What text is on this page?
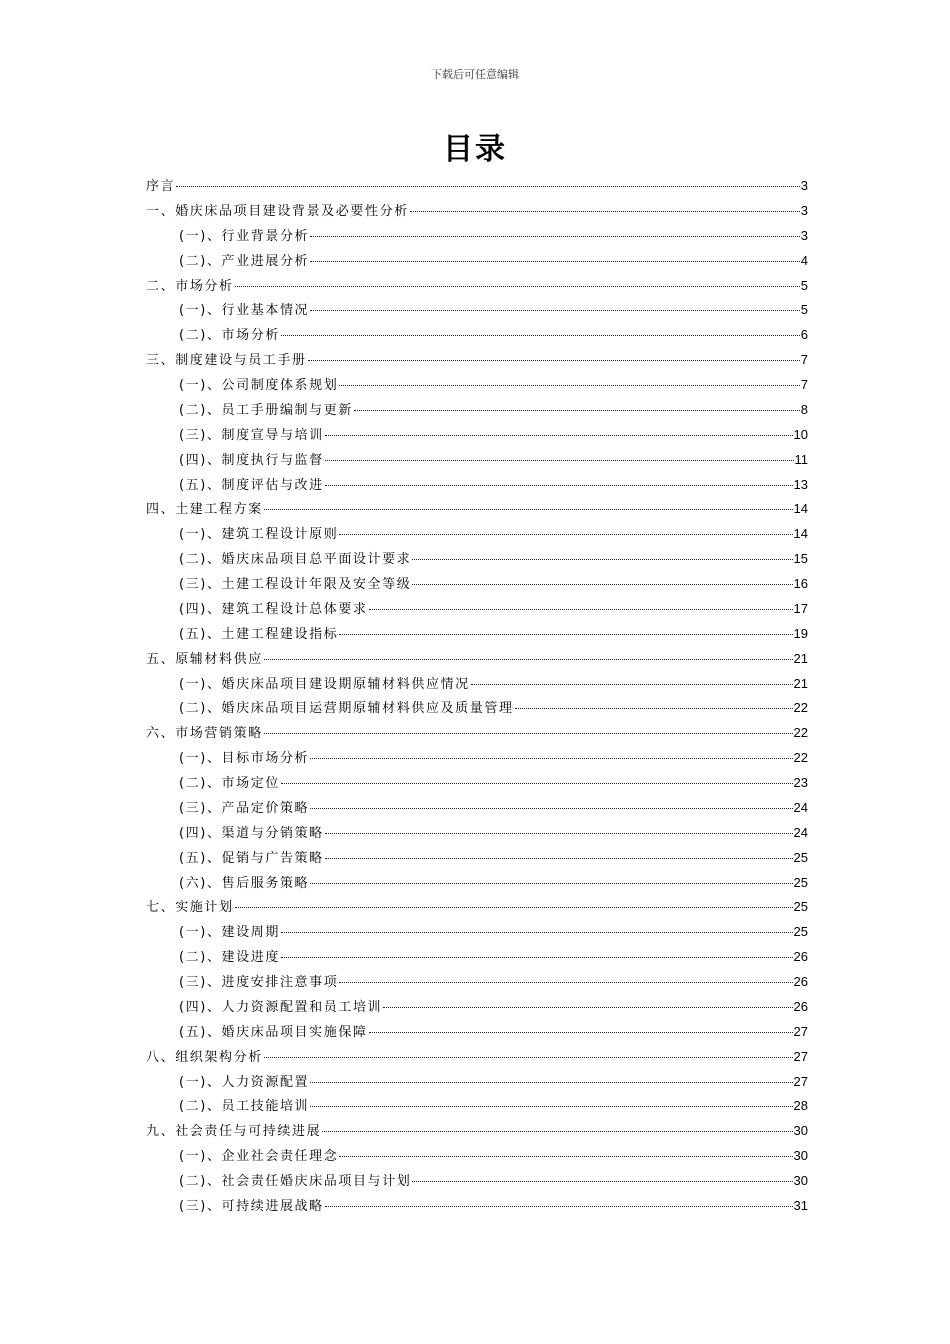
下载后可任意编辑
目录
序言	3
一、婚庆床品项目建设背景及必要性分析	3
(一)、行业背景分析	3
(二)、产业进展分析	4
二、市场分析	5
(一)、行业基本情况	5
(二)、市场分析	6
三、制度建设与员工手册	7
(一)、公司制度体系规划	7
(二)、员工手册编制与更新	8
(三)、制度宣导与培训	10
(四)、制度执行与监督	11
(五)、制度评估与改进	13
四、土建工程方案	14
(一)、建筑工程设计原则	14
(二)、婚庆床品项目总平面设计要求	15
(三)、土建工程设计年限及安全等级	16
(四)、建筑工程设计总体要求	17
(五)、土建工程建设指标	19
五、原辅材料供应	21
(一)、婚庆床品项目建设期原辅材料供应情况	21
(二)、婚庆床品项目运营期原辅材料供应及质量管理	22
六、市场营销策略	22
(一)、目标市场分析	22
(二)、市场定位	23
(三)、产品定价策略	24
(四)、渠道与分销策略	24
(五)、促销与广告策略	25
(六)、售后服务策略	25
七、实施计划	25
(一)、建设周期	25
(二)、建设进度	26
(三)、进度安排注意事项	26
(四)、人力资源配置和员工培训	26
(五)、婚庆床品项目实施保障	27
八、组织架构分析	27
(一)、人力资源配置	27
(二)、员工技能培训	28
九、社会责任与可持续进展	30
(一)、企业社会责任理念	30
(二)、社会责任婚庆床品项目与计划	30
(三)、可持续进展战略	31
